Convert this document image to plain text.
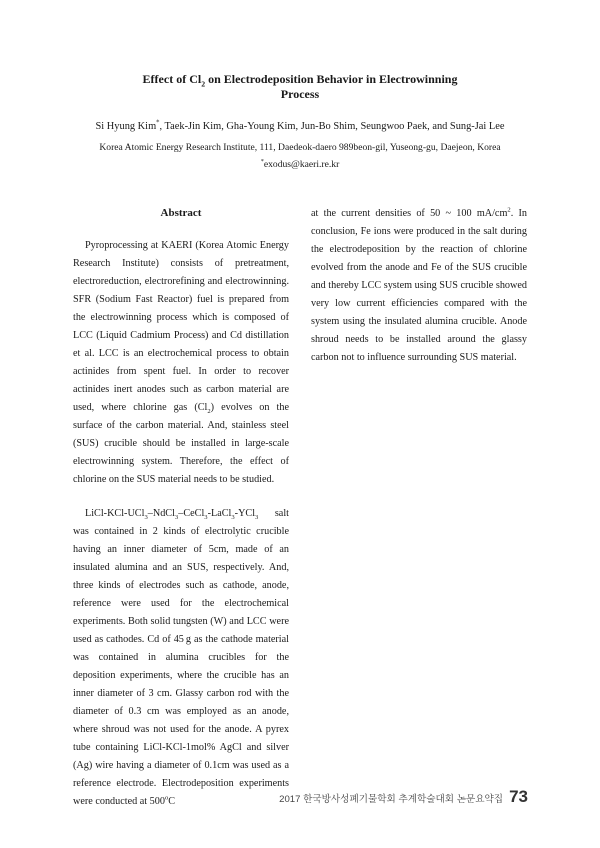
Effect of $Cl_2$ on Electrodeposition Behavior in Electrowinning
Process
Si Hyung Kim*, Taek-Jin Kim, Gha-Young Kim, Jun-Bo Shim, Seungwoo Paek, and Sung-Jai Lee
Korea Atomic Energy Research Institute, 111, Daedeok-daero 989beon-gil, Yuseong-gu, Daejeon, Korea
*exodus@kaeri.re.kr
Abstract

Pyroprocessing at KAERI (Korea Atomic Energy Research Institute) consists of pretreatment, electroreduction, electrorefining and electrowinning. SFR (Sodium Fast Reactor) fuel is prepared from the electrowinning process which is composed of LCC (Liquid Cadmium Process) and Cd distillation et al. LCC is an electrochemical process to obtain actinides from spent fuel. In order to recover actinides inert anodes such as carbon material are used, where chlorine gas $(Cl_2)$ evolves on the surface of the carbon material. And, stainless steel (SUS) crucible should be installed in large-scale electrowinning system. Therefore, the effect of chlorine on the SUS material needs to be studied.

LiCl-KCl-UCl$_3$–NdCl$_3$–CeCl$_3$-LaCl$_3$-YCl$_3$ salt was contained in 2 kinds of electrolytic crucible having an inner diameter of 5cm, made of an insulated alumina and an SUS, respectively. And, three kinds of electrodes such as cathode, anode, reference were used for the electrochemical experiments. Both solid tungsten (W) and LCC were used as cathodes. Cd of 45 g as the cathode material was contained in alumina crucibles for the deposition experiments, where the crucible has an inner diameter of 3 cm. Glassy carbon rod with the diameter of 0.3 cm was employed as an anode, where shroud was not used for the anode. A pyrex tube containing LiCl-KCl-1mol% AgCl and silver (Ag) wire having a diameter of 0.1cm was used as a reference electrode. Electrodeposition experiments were conducted at 500$^o$C

at the current densities of 50 ~ 100 $mA/cm^2$. In conclusion, Fe ions were produced in the salt during the electrodeposition by the reaction of chlorine evolved from the anode and Fe of the SUS crucible and thereby LCC system using SUS crucible showed very low current efficiencies compared with the system using the insulated alumina crucible. Anode shroud needs to be installed around the glassy carbon not to influence surrounding SUS material.

2017 한국방사성폐기물학회 추계학술대회 논문요약집 73
